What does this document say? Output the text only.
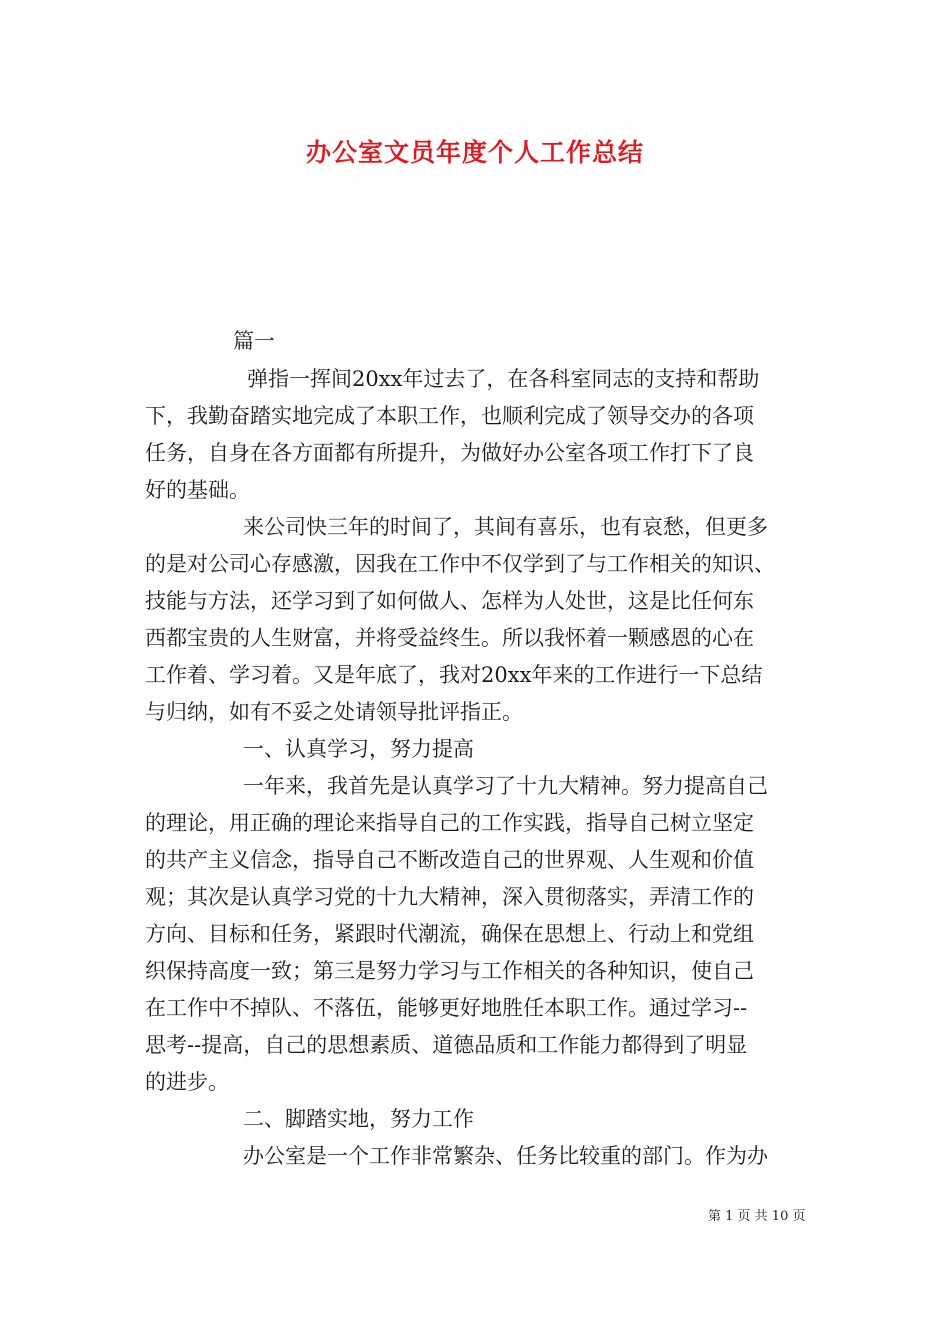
办公室文员年度个人工作总结
篇一
弹指一挥间20xx年过去了，在各科室同志的支持和帮助
下，我勤奋踏实地完成了本职工作，也顺利完成了领导交办的各项
任务，自身在各方面都有所提升，为做好办公室各项工作打下了良
好的基础。
来公司快三年的时间了，其间有喜乐，也有哀愁，但更多
的是对公司心存感激，因我在工作中不仅学到了与工作相关的知识、
技能与方法，还学习到了如何做人、怎样为人处世，这是比任何东
西都宝贵的人生财富，并将受益终生。所以我怀着一颗感恩的心在
工作着、学习着。又是年底了，我对20xx年来的工作进行一下总结
与归纳，如有不妥之处请领导批评指正。
一、认真学习，努力提高
一年来，我首先是认真学习了十九大精神。努力提高自己
的理论，用正确的理论来指导自己的工作实践，指导自己树立坚定
的共产主义信念，指导自己不断改造自己的世界观、人生观和价值
观；其次是认真学习党的十九大精神，深入贯彻落实，弄清工作的
方向、目标和任务，紧跟时代潮流，确保在思想上、行动上和党组
织保持高度一致；第三是努力学习与工作相关的各种知识，使自己
在工作中不掉队、不落伍，能够更好地胜任本职工作。通过学习--
思考--提高，自己的思想素质、道德品质和工作能力都得到了明显
的进步。
二、脚踏实地，努力工作
办公室是一个工作非常繁杂、任务比较重的部门。作为办
第 1 页 共 10 页
